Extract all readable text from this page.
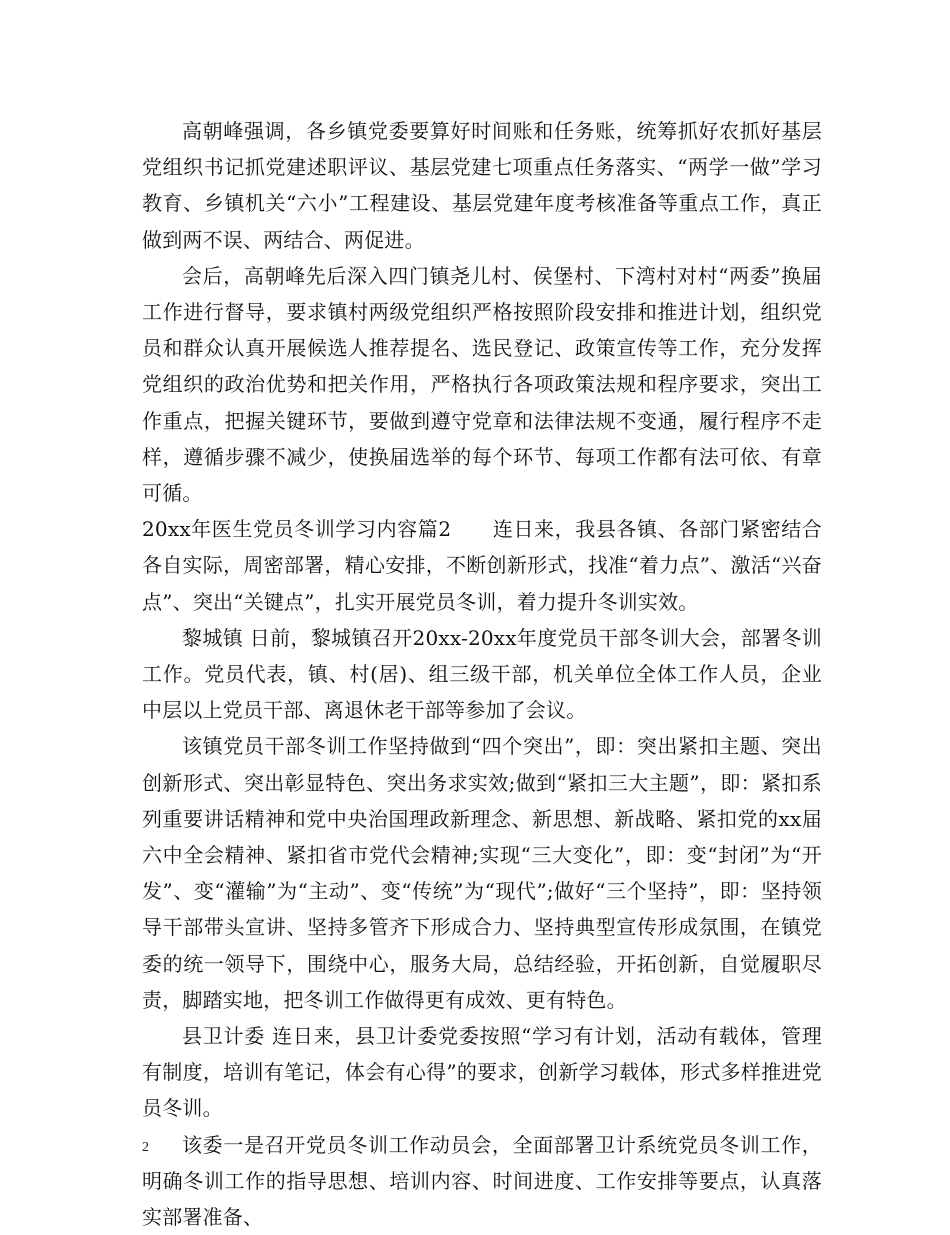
高朝峰强调，各乡镇党委要算好时间账和任务账，统筹抓好农抓好基层党组织书记抓党建述职评议、基层党建七项重点任务落实、“两学一做”学习教育、乡镇机关“六小”工程建设、基层党建年度考核准备等重点工作，真正做到两不误、两结合、两促进。

会后，高朝峰先后深入四门镇尧儿村、侯堡村、下湾村对村“两委”换届工作进行督导，要求镇村两级党组织严格按照阶段安排和推进计划，组织党员和群众认真开展候选人推荐提名、选民登记、政策宣传等工作，充分发挥党组织的政治优势和把关作用，严格执行各项政策法规和程序要求，突出工作重点，把握关键环节，要做到遵守党章和法律法规不变通，履行程序不走样，遵循步骤不减少，使换届选举的每个环节、每项工作都有法可依、有章可循。

20xx年医生党员冬训学习内容篇2　　连日来，我县各镇、各部门紧密结合各自实际，周密部署，精心安排，不断创新形式，找准“着力点”、激活“兴奋点”、突出“关键点”，扎实开展党员冬训，着力提升冬训实效。

黎城镇 日前，黎城镇召开20xx-20xx年度党员干部冬训大会，部署冬训工作。党员代表，镇、村(居)、组三级干部，机关单位全体工作人员，企业中层以上党员干部、离退休老干部等参加了会议。

该镇党员干部冬训工作坚持做到“四个突出”，即：突出紧扣主题、突出创新形式、突出彰显特色、突出务求实效;做到“紧扣三大主题”，即：紧扣系列重要讲话精神和党中央治国理政新理念、新思想、新战略、紧扣党的xx届六中全会精神、紧扣省市党代会精神;实现“三大变化”，即：变“封闭”为“开发”、变“灌输”为“主动”、变“传统”为“现代”;做好“三个坚持”，即：坚持领导干部带头宣讲、坚持多管齐下形成合力、坚持典型宣传形成氛围，在镇党委的统一领导下，围绕中心，服务大局，总结经验，开拓创新，自觉履职尽责，脚踏实地，把冬训工作做得更有成效、更有特色。

县卫计委 连日来，县卫计委党委按照“学习有计划，活动有载体，管理有制度，培训有笔记，体会有心得”的要求，创新学习载体，形式多样推进党员冬训。

该委一是召开党员冬训工作动员会，全面部署卫计系统党员冬训工作，明确冬训工作的指导思想、培训内容、时间进度、工作安排等要点，认真落实部署准备、

2
